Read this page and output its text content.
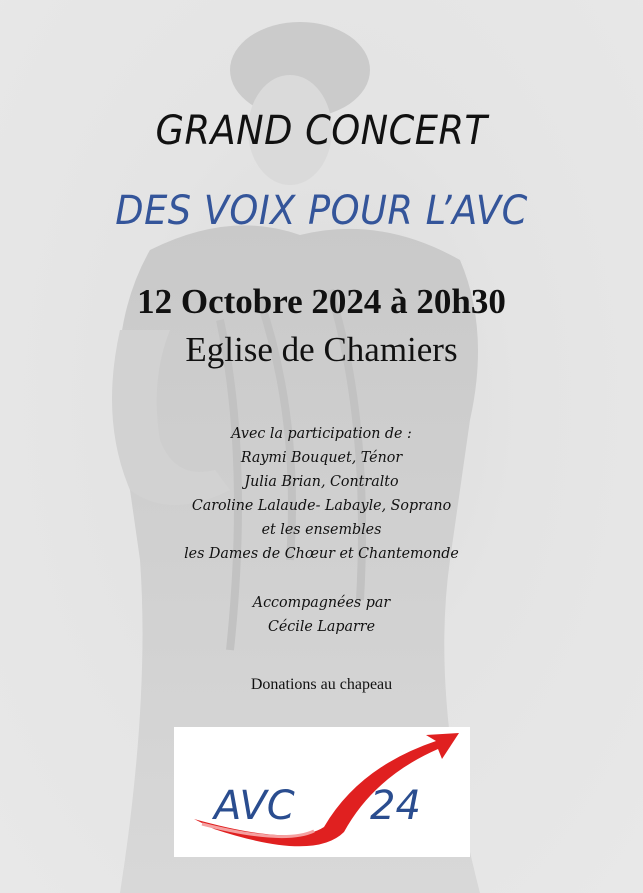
GRAND CONCERT
DES VOIX POUR L’AVC
12 Octobre 2024 à 20h30
Eglise de Chamiers
Avec la participation de :
Raymi Bouquet, Ténor
Julia Brian, Contralto
Caroline Lalaude- Labayle, Soprano
et les ensembles
les Dames de Chœur et Chantemonde
Accompagnées par
Cécile Laparre
Donations au chapeau
AVC 24
